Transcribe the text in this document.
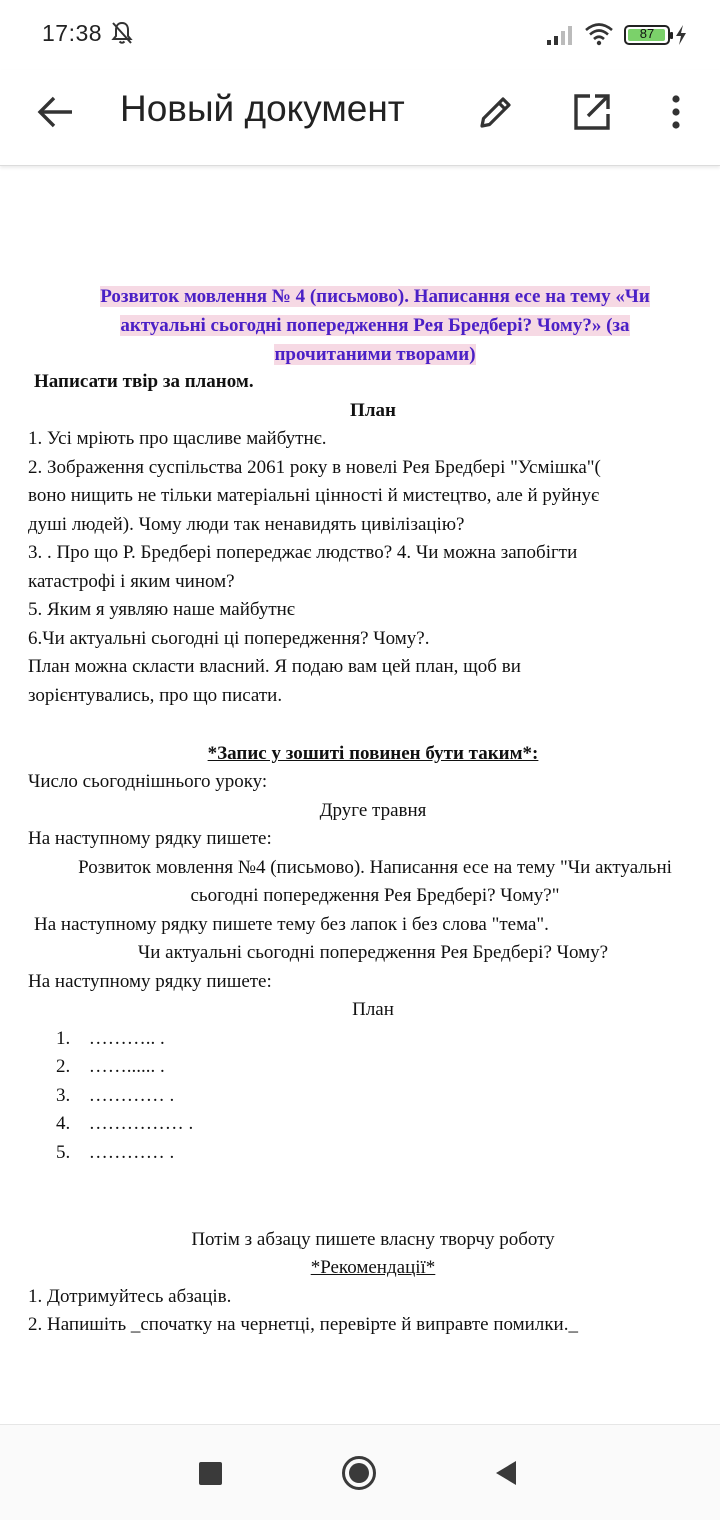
17:38	87
Новый документ
Розвиток мовлення № 4 (письмово). Написання есе на тему «Чи
актуальні сьогодні попередження Рея Бредбері? Чому?» (за
прочитаними творами)
Написати твір за планом.
План
1. Усі мріють про щасливе майбутнє.
2. Зображення суспільства 2061 року в новелі Рея Бредбері "Усмішка"(
воно нищить не тільки матеріальні цінності й мистецтво, але й руйнує
душі людей). Чому люди так ненавидять цивілізацію?
3. . Про що Р. Бредбері попереджає людство? 4. Чи можна запобігти
катастрофі і яким чином?
5. Яким я уявляю наше майбутнє
6.Чи актуальні сьогодні ці попередження? Чому?.
План можна скласти власний. Я подаю вам цей план, щоб ви
зорієнтувались, про що писати.
*Запис у зошиті повинен бути таким*:
Число сьогоднішнього уроку:
Друге травня
На наступному рядку пишете:
Розвиток мовлення №4 (письмово). Написання есе на тему "Чи актуальні
сьогодні попередження Рея Бредбері? Чому?"
На наступному рядку пишете тему без лапок і без слова "тема".
Чи актуальні сьогодні попередження Рея Бредбері? Чому?
На наступному рядку пишете:
План
1. ……….. .
2. ……...... .
3. ………… .
4. …………… .
5. ………… .
Потім з абзацу пишете власну творчу роботу
*Рекомендації*
1. Дотримуйтесь абзаців.
2. Напишіть _спочатку на чернетці, перевірте й виправте помилки._
